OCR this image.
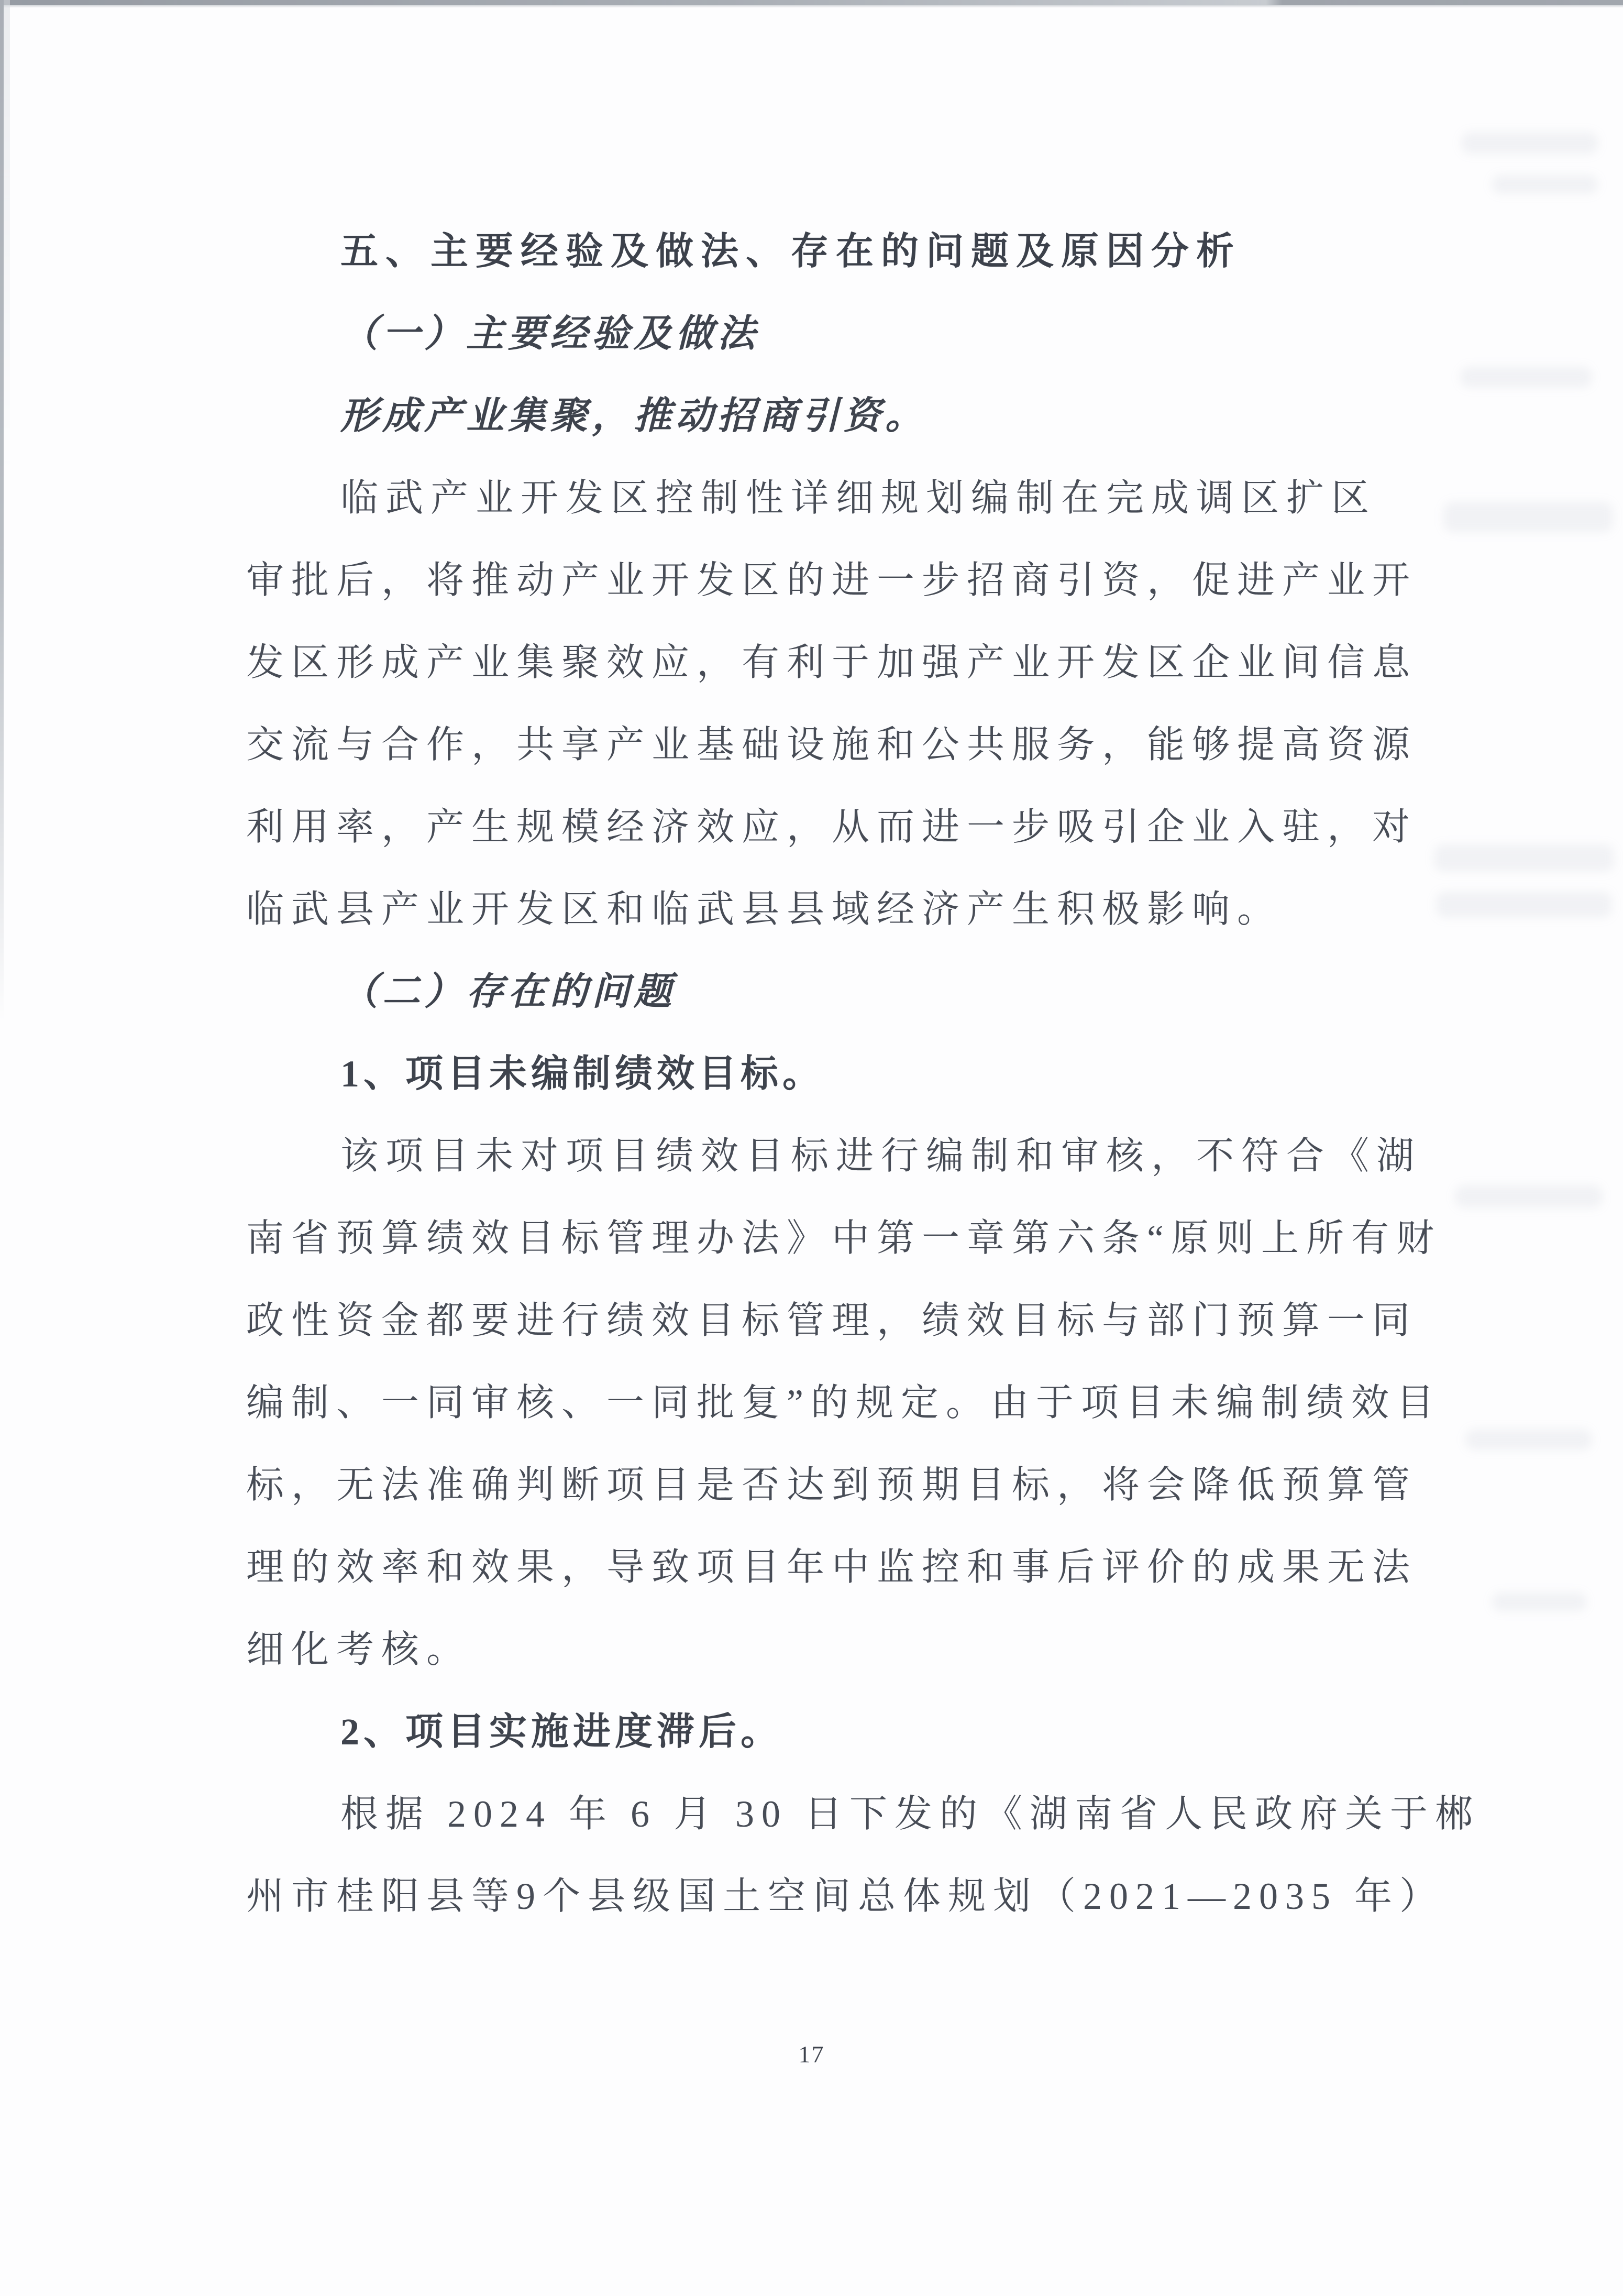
五、主要经验及做法、存在的问题及原因分析
（一）主要经验及做法
形成产业集聚，推动招商引资。
临武产业开发区控制性详细规划编制在完成调区扩区
审批后，将推动产业开发区的进一步招商引资，促进产业开
发区形成产业集聚效应，有利于加强产业开发区企业间信息
交流与合作，共享产业基础设施和公共服务，能够提高资源
利用率，产生规模经济效应，从而进一步吸引企业入驻，对
临武县产业开发区和临武县县域经济产生积极影响。
（二）存在的问题
1、项目未编制绩效目标。
该项目未对项目绩效目标进行编制和审核，不符合《湖
南省预算绩效目标管理办法》中第一章第六条“原则上所有财
政性资金都要进行绩效目标管理，绩效目标与部门预算一同
编制、一同审核、一同批复”的规定。由于项目未编制绩效目
标，无法准确判断项目是否达到预期目标，将会降低预算管
理的效率和效果，导致项目年中监控和事后评价的成果无法
细化考核。
2、项目实施进度滞后。
根据 2024 年 6 月 30 日下发的《湖南省人民政府关于郴
州市桂阳县等9个县级国土空间总体规划（2021—2035 年）
17
